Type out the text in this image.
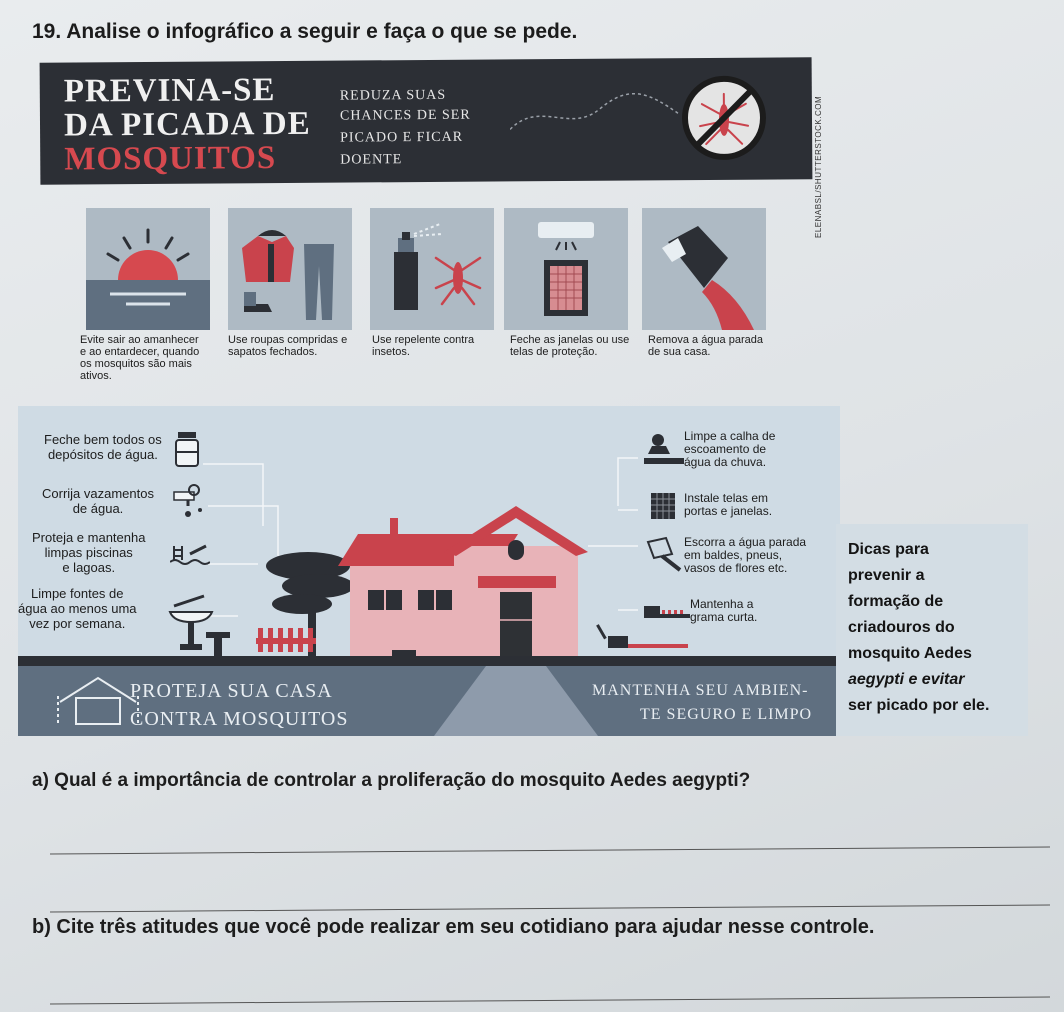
19. Analise o infográfico a seguir e faça o que se pede.
PREVINA-SE
DA PICADA DE
MOSQUITOS
REDUZA SUAS
CHANCES DE SER
PICADO E FICAR
DOENTE	ELENABSL/SHUTTERSTOCK.COM
Evite sair ao amanhecer
e ao entardecer, quando
os mosquitos são mais
ativos.
Use roupas compridas e
sapatos fechados.
Use repelente contra
insetos.
Feche as janelas ou use
telas de proteção.
Remova a água parada
de sua casa.
Feche bem todos os
depósitos de água.
Corrija vazamentos
de água.
Proteja e mantenha
limpas piscinas
e lagoas.
Limpe fontes de
água ao menos uma
vez por semana.
Limpe a calha de
escoamento de
água da chuva.
Instale telas em
portas e janelas.
Escorra a água parada
em baldes, pneus,
vasos de flores etc.
Mantenha a
grama curta.
PROTEJA SUA CASA
CONTRA MOSQUITOS
MANTENHA SEU AMBIEN-
TE SEGURO E LIMPO
Dicas para
prevenir a
formação de
criadouros do
mosquito Aedes
aegypti e evitar
ser picado por ele.
a) Qual é a importância de controlar a proliferação do mosquito Aedes aegypti?
b) Cite três atitudes que você pode realizar em seu cotidiano para ajudar nesse controle.
